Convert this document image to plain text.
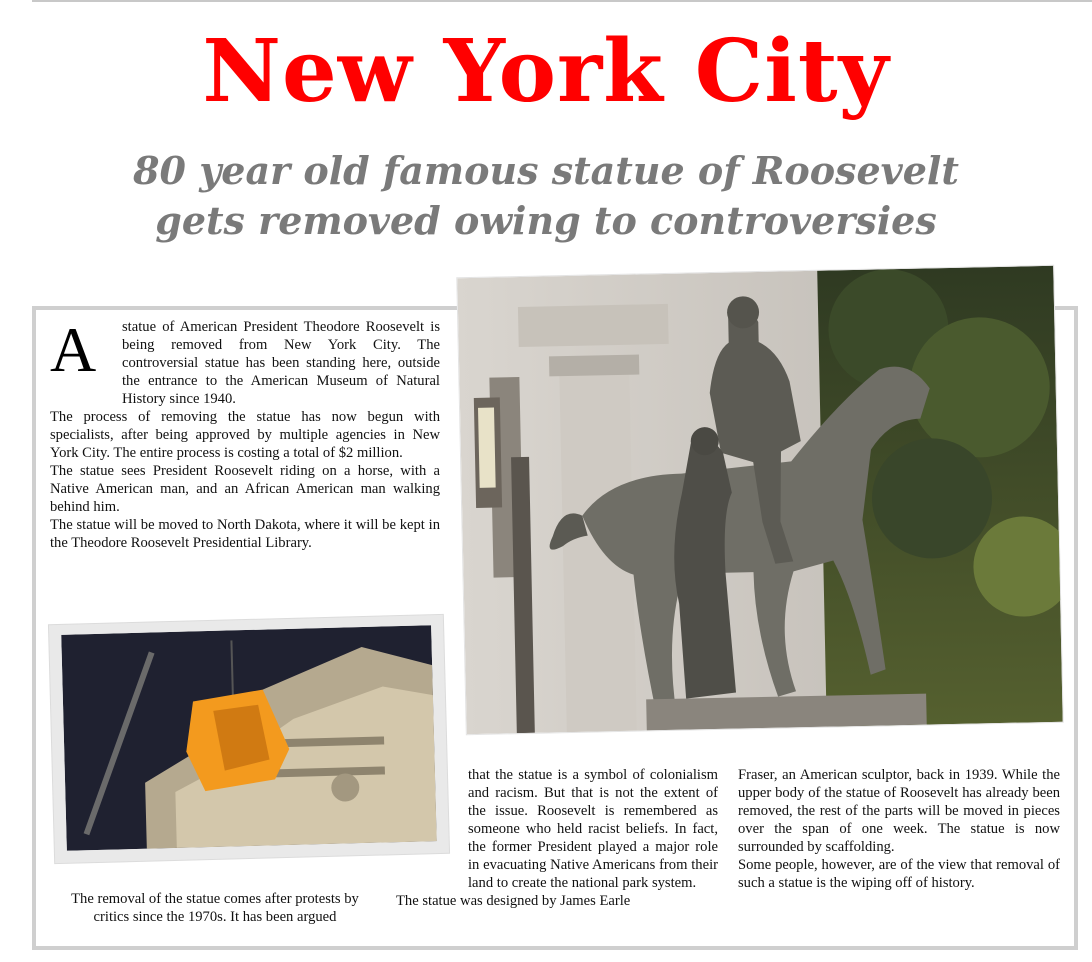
New York City
80 year old famous statue of Roosevelt
gets removed owing to controversies
A	statue of American President Theodore Roosevelt is being removed from New York City. The controversial statue has been standing here, outside the entrance to the American Museum of Natural History since 1940.

The process of removing the statue has now begun with specialists, after being approved by multiple agencies in New York City. The entire process is costing a total of $2 million.

The statue sees President Roosevelt riding on a horse, with a Native American man, and an African American man walking behind him.

The statue will be moved to North Dakota, where it will be kept in the Theodore Roosevelt Presidential Library.

The removal of the statue comes after protests by critics since the 1970s. It has been argued

that the statue is a symbol of colonialism and racism. But that is not the extent of the issue. Roosevelt is remembered as someone who held racist beliefs. In fact, the former President played a major role in evacuating Native Americans from their land to create the national park system.

The statue was designed by James Earle

Fraser, an American sculptor, back in 1939. While the upper body of the statue of Roosevelt has already been removed, the rest of the parts will be moved in pieces over the span of one week. The statue is now surrounded by scaffolding.

Some people, however, are of the view that removal of such a statue is the wiping off of history.
